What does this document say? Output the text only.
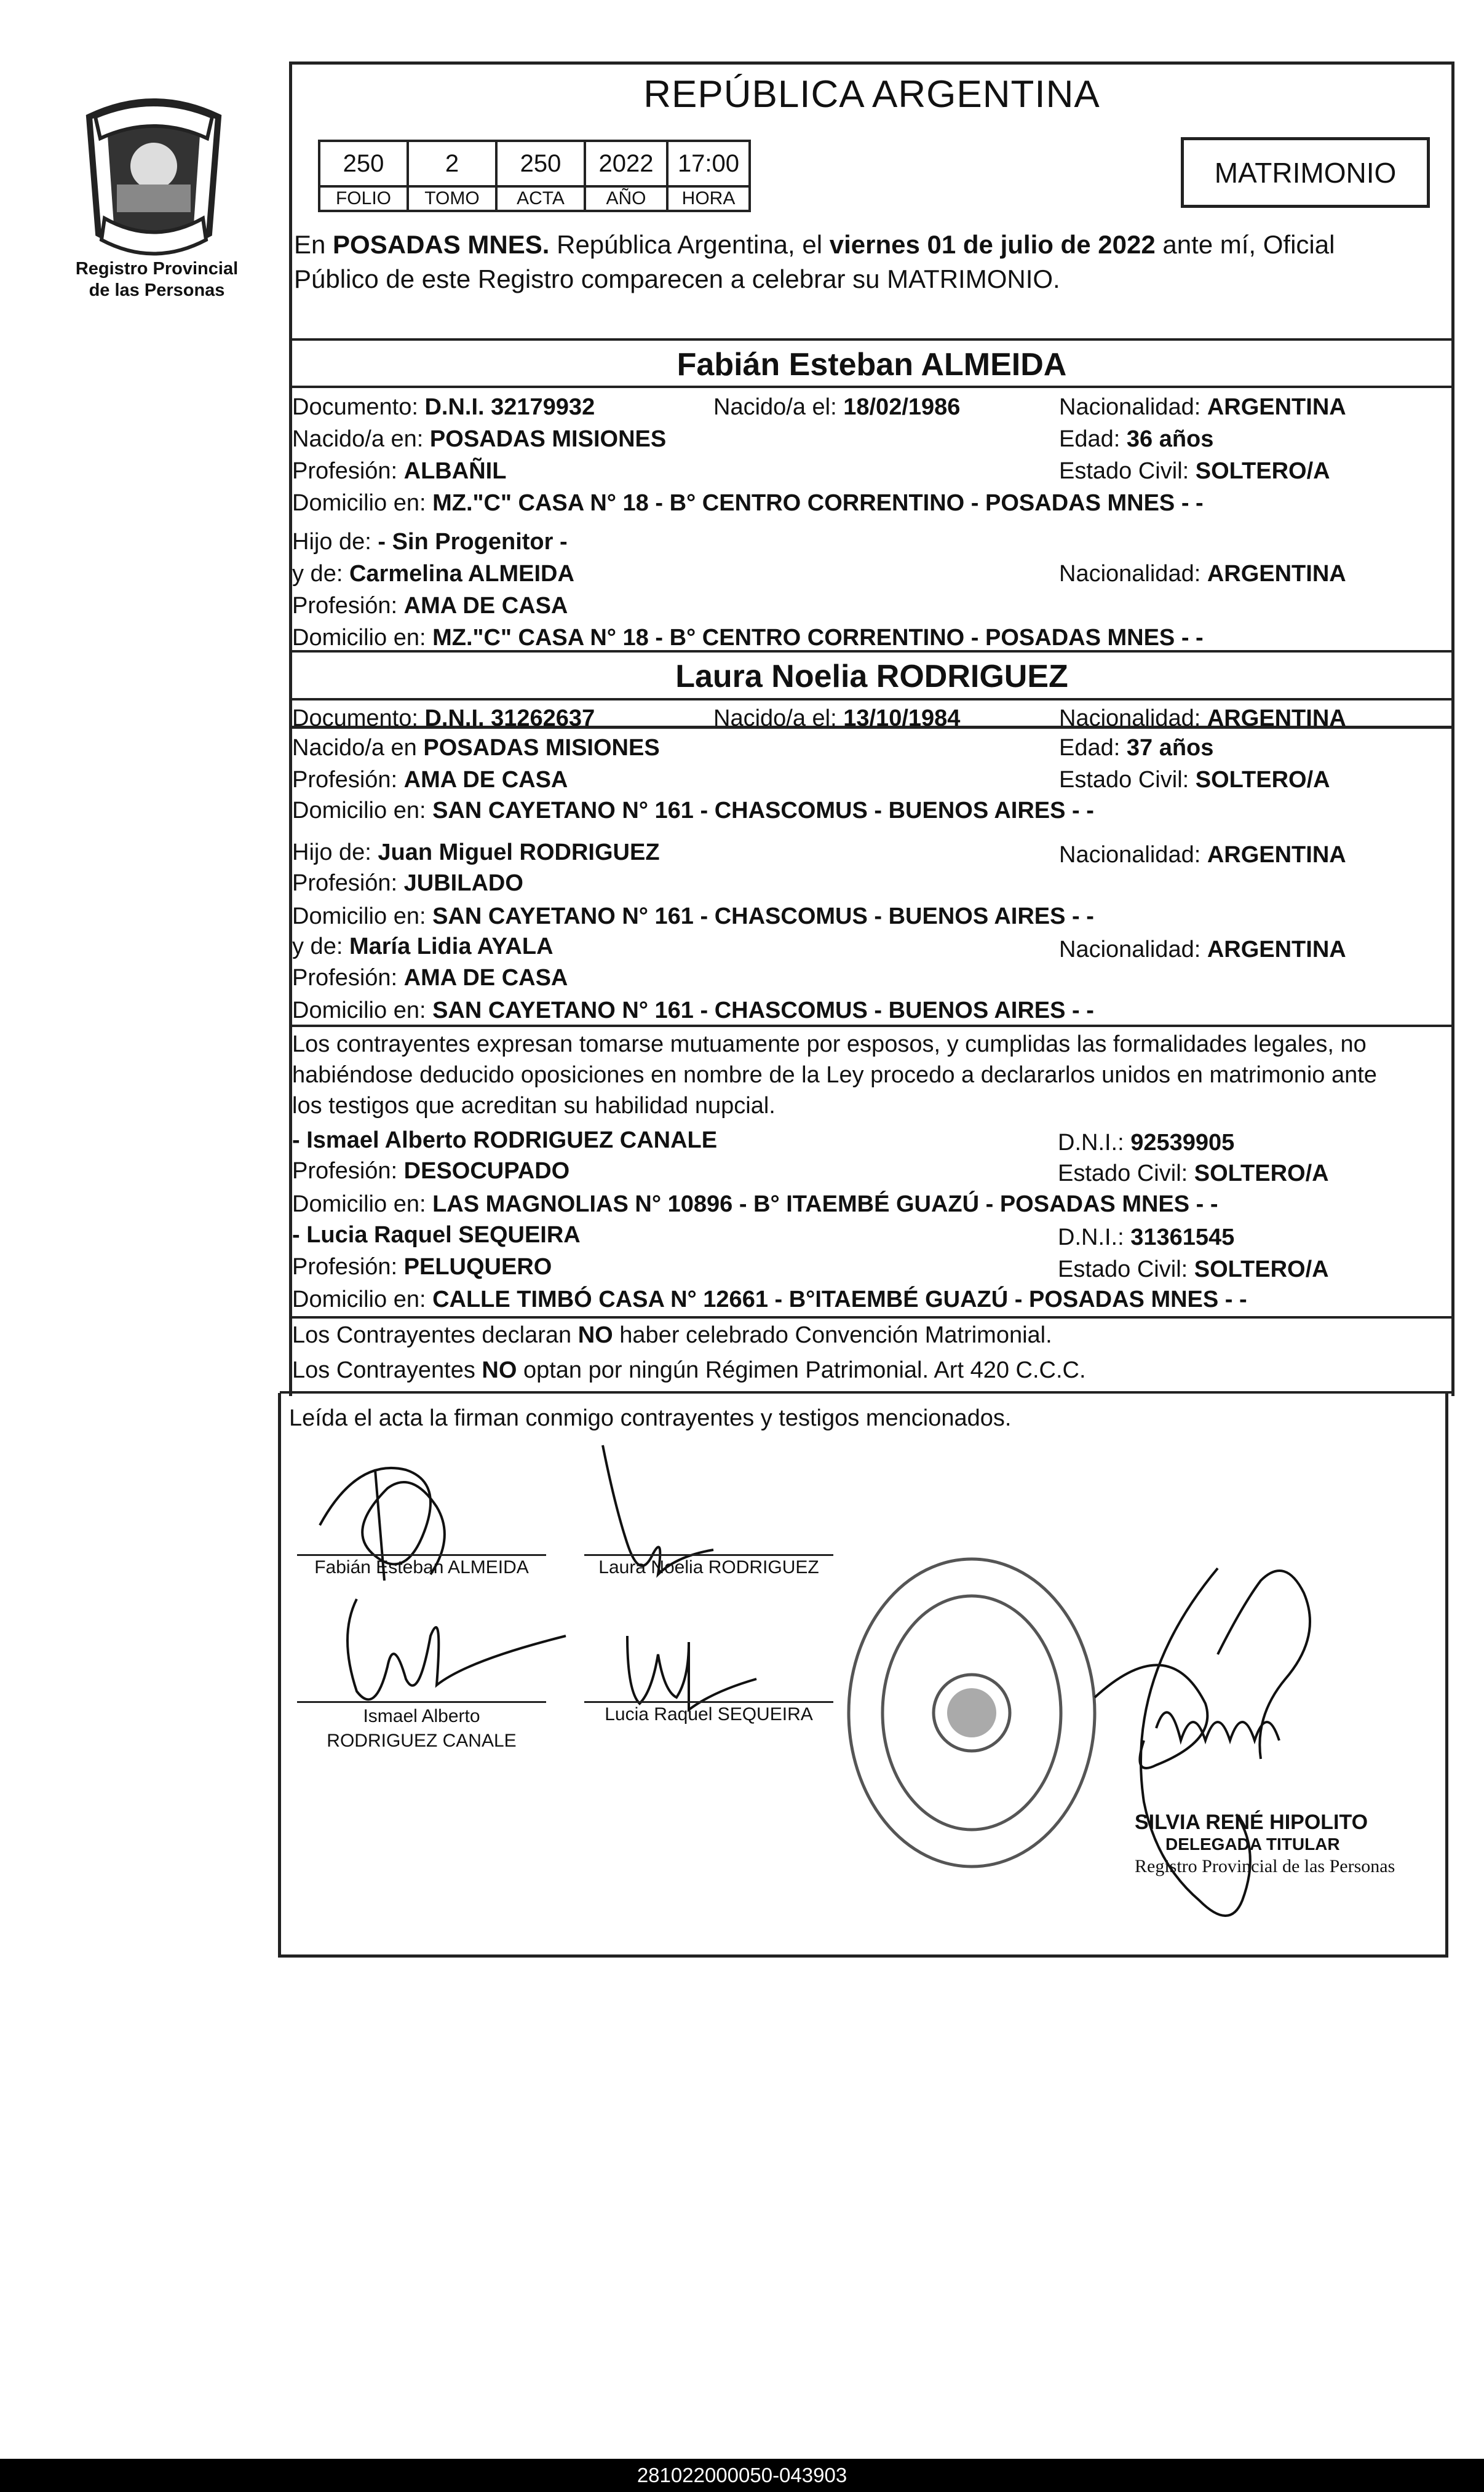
Registro Provincial
de las Personas
REPÚBLICA ARGENTINA
250	2	250	2022	17:00
FOLIO	TOMO	ACTA	AÑO	HORA
MATRIMONIO
En POSADAS MNES. República Argentina, el viernes 01 de julio de 2022 ante mí, Oficial
Público de este Registro comparecen a celebrar su MATRIMONIO.
Fabián Esteban ALMEIDA
Documento: D.N.I. 32179932	Nacido/a el: 18/02/1986	Nacionalidad: ARGENTINA
Nacido/a en: POSADAS MISIONES	Edad: 36 años
Profesión: ALBAÑIL	Estado Civil: SOLTERO/A
Domicilio en: MZ."C" CASA N° 18 - B° CENTRO CORRENTINO - POSADAS MNES - -
Hijo de: - Sin Progenitor -
y de: Carmelina ALMEIDA	Nacionalidad: ARGENTINA
Profesión: AMA DE CASA
Domicilio en: MZ."C" CASA N° 18 - B° CENTRO CORRENTINO - POSADAS MNES - -
Laura Noelia RODRIGUEZ
Documento: D.N.I. 31262637	Nacido/a el: 13/10/1984	Nacionalidad: ARGENTINA
Nacido/a en POSADAS MISIONES	Edad: 37 años
Profesión: AMA DE CASA	Estado Civil: SOLTERO/A
Domicilio en: SAN CAYETANO N° 161 - CHASCOMUS - BUENOS AIRES - -
Hijo de: Juan Miguel RODRIGUEZ	Nacionalidad: ARGENTINA
Profesión: JUBILADO
Domicilio en: SAN CAYETANO N° 161 - CHASCOMUS - BUENOS AIRES - -
y de: María Lidia AYALA	Nacionalidad: ARGENTINA
Profesión: AMA DE CASA
Domicilio en: SAN CAYETANO N° 161 - CHASCOMUS - BUENOS AIRES - -
Los contrayentes expresan tomarse mutuamente por esposos, y cumplidas las formalidades legales, no
habiéndose deducido oposiciones en nombre de la Ley procedo a declararlos unidos en matrimonio ante
los testigos que acreditan su habilidad nupcial.
- Ismael Alberto RODRIGUEZ CANALE	D.N.I.: 92539905
Profesión: DESOCUPADO	Estado Civil: SOLTERO/A
Domicilio en: LAS MAGNOLIAS N° 10896 - B° ITAEMBÉ GUAZÚ - POSADAS MNES - -
- Lucia Raquel SEQUEIRA	D.N.I.: 31361545
Profesión: PELUQUERO	Estado Civil: SOLTERO/A
Domicilio en: CALLE TIMBÓ CASA N° 12661 - B°ITAEMBÉ GUAZÚ - POSADAS MNES - -
Los Contrayentes declaran NO haber celebrado Convención Matrimonial.
Los Contrayentes NO optan por ningún Régimen Patrimonial. Art 420 C.C.C.
Leída el acta la firman conmigo contrayentes y testigos mencionados.
Fabián Esteban ALMEIDA	Laura Noelia RODRIGUEZ
Ismael Alberto
RODRIGUEZ CANALE
Lucia Raquel SEQUEIRA
SILVIA RENÉ HIPOLITO
DELEGADA TITULAR
Registro Provincial de las Personas
281022000050-043903
